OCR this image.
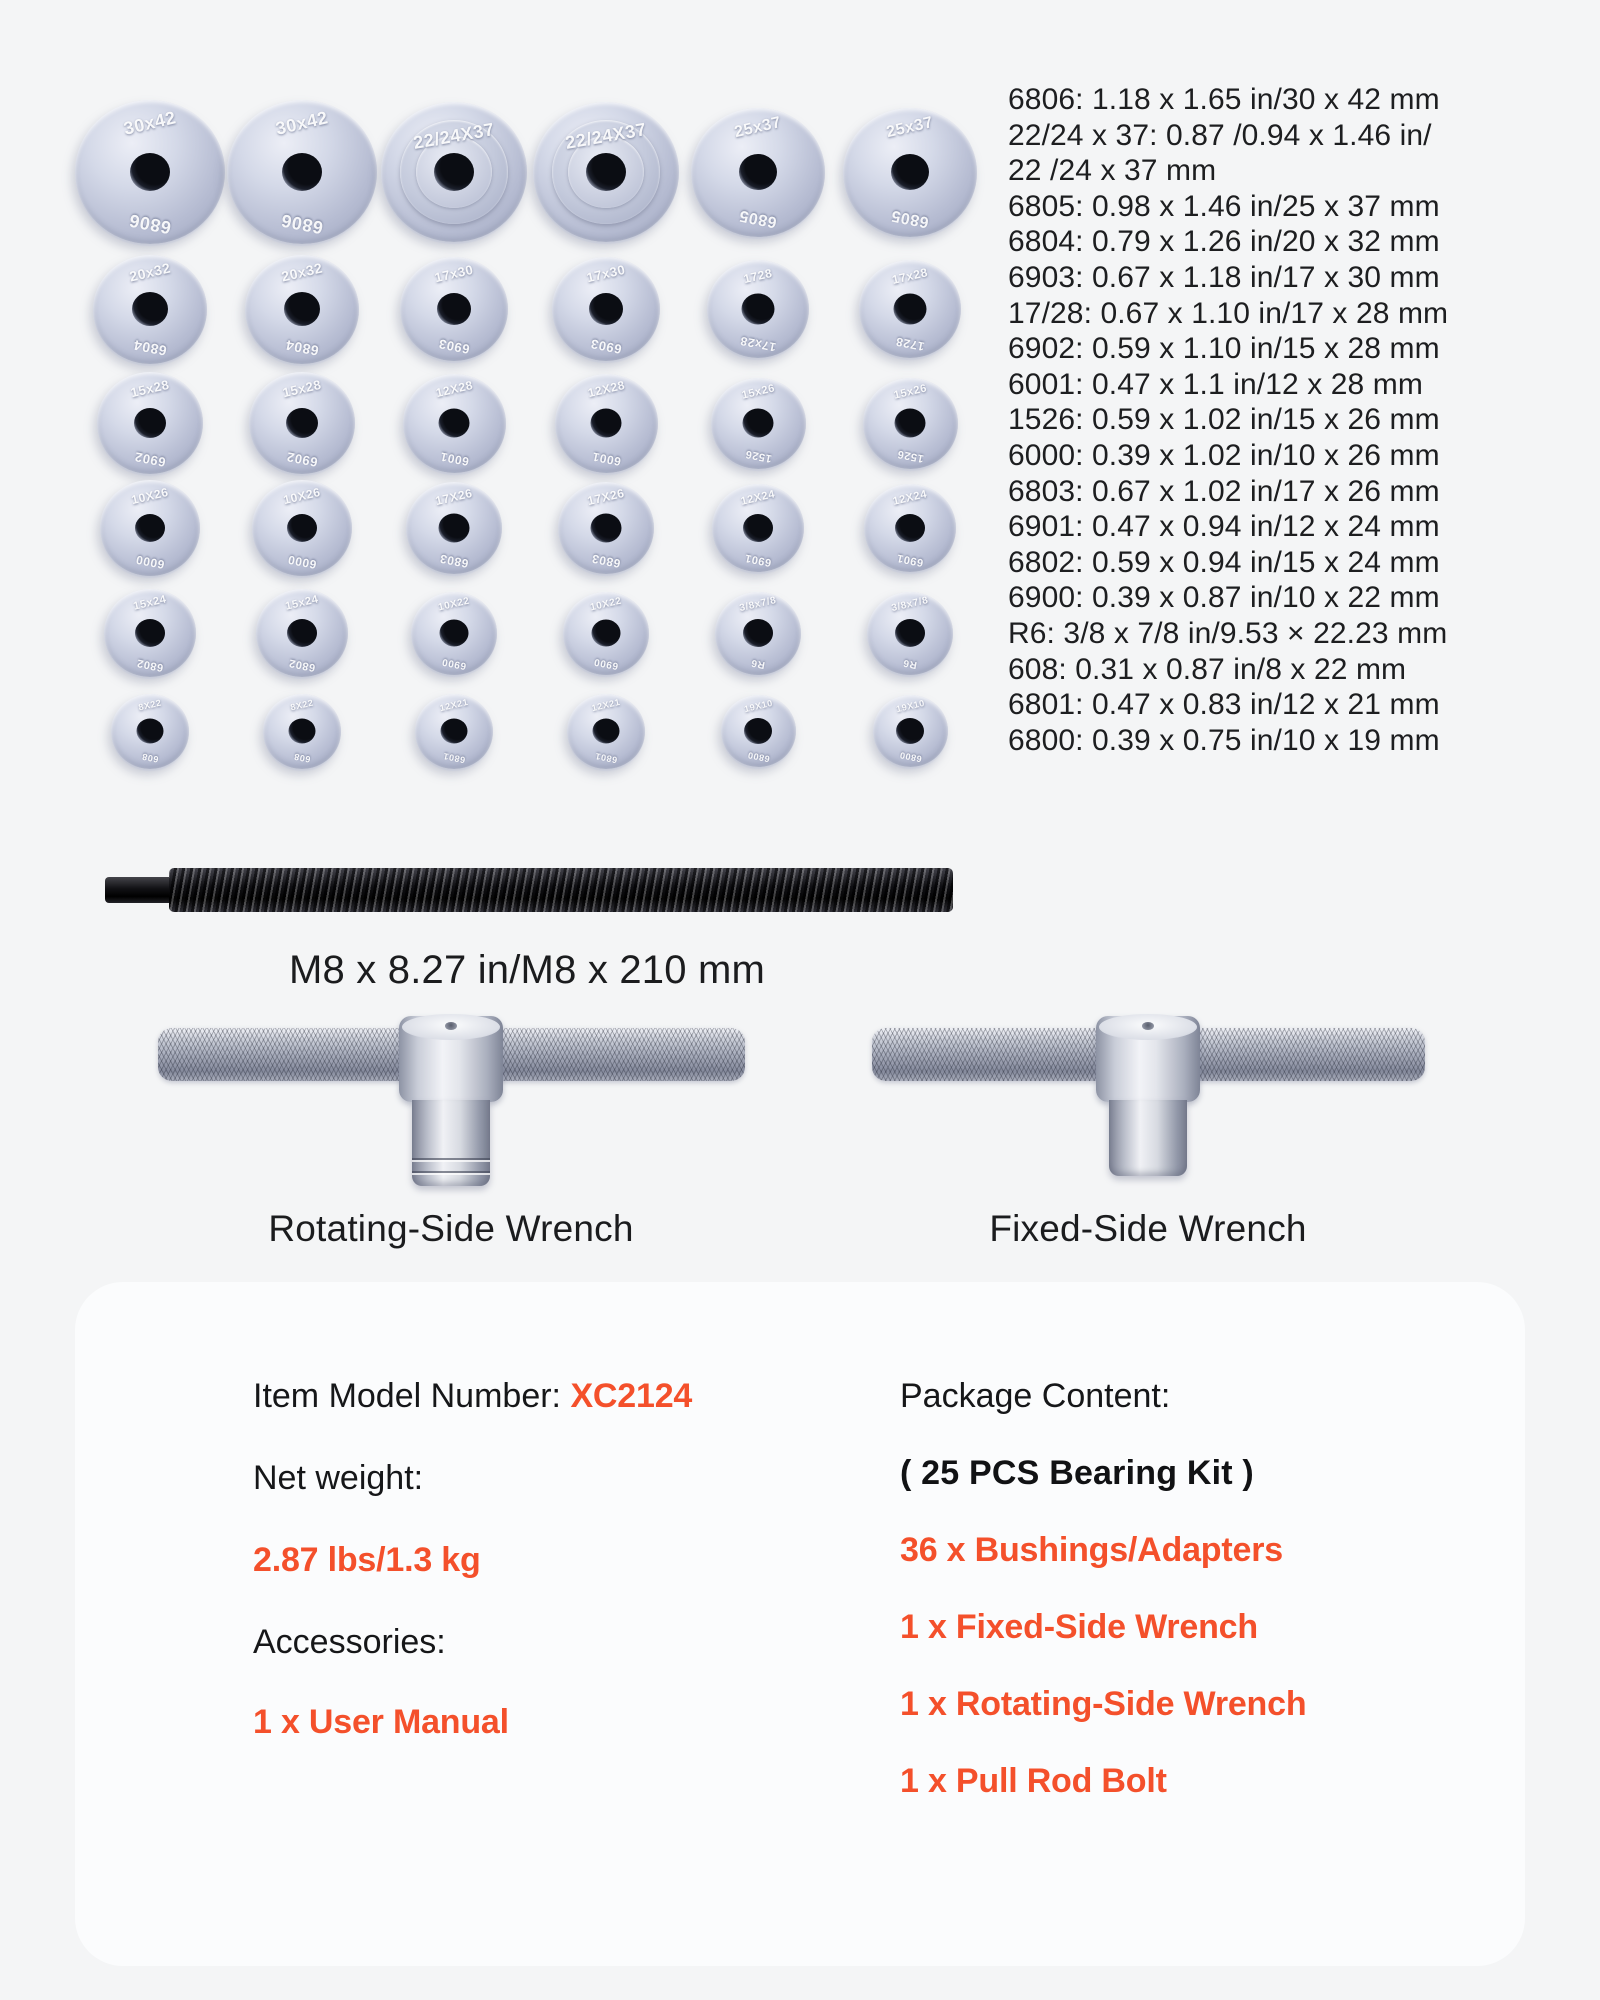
6806: 1.18 x 1.65 in/30 x 42 mm
22/24 x 37: 0.87 /0.94 x 1.46 in/
22 /24 x 37 mm
6805: 0.98 x 1.46 in/25 x 37 mm
6804: 0.79 x 1.26 in/20 x 32 mm
6903: 0.67 x 1.18 in/17 x 30 mm
17/28: 0.67 x 1.10 in/17 x 28 mm
6902: 0.59 x 1.10 in/15 x 28 mm
6001: 0.47 x 1.1 in/12 x 28 mm
1526: 0.59 x 1.02 in/15 x 26 mm
6000: 0.39 x 1.02 in/10 x 26 mm
6803: 0.67 x 1.02 in/17 x 26 mm
6901: 0.47 x 0.94 in/12 x 24 mm
6802: 0.59 x 0.94 in/15 x 24 mm
6900: 0.39 x 0.87 in/10 x 22 mm
R6: 3/8 x 7/8 in/9.53 × 22.23 mm
608: 0.31 x 0.87 in/8 x 22 mm
6801: 0.47 x 0.83 in/12 x 21 mm
6800: 0.39 x 0.75 in/10 x 19 mm
30x42
6806
30x42
6806
22/24X37	22/24X37	25x37
6805
25x37
6805
20x32
6804
20x32
6804
17x30
6903
17x30
6903
1728
17x28
17x28
1728
15x28
6902
15x28
6902
12X28
6001
12X28
6001
15x26
1526
15x26
1526
10X26
6000
10X26
6000
17X26
6803
17X26
6803
12X24
6901
12X24
6901
15x24
6802
15x24
6802
10X22
6900
10X22
6900
3/8x7/8
R6
3/8x7/8
R6
8X22
608
8X22
608
12X21
6801
12X21
6801
19X10
6800
19X10
6800
M8 x 8.27 in/M8 x 210 mm
Rotating-Side Wrench	Fixed-Side Wrench
Item Model Number: XC2124
Net weight:
2.87 lbs/1.3 kg
Accessories:
1 x User Manual
Package Content:
( 25 PCS Bearing Kit )
36 x Bushings/Adapters
1 x Fixed-Side Wrench
1 x Rotating-Side Wrench
1 x Pull Rod Bolt
